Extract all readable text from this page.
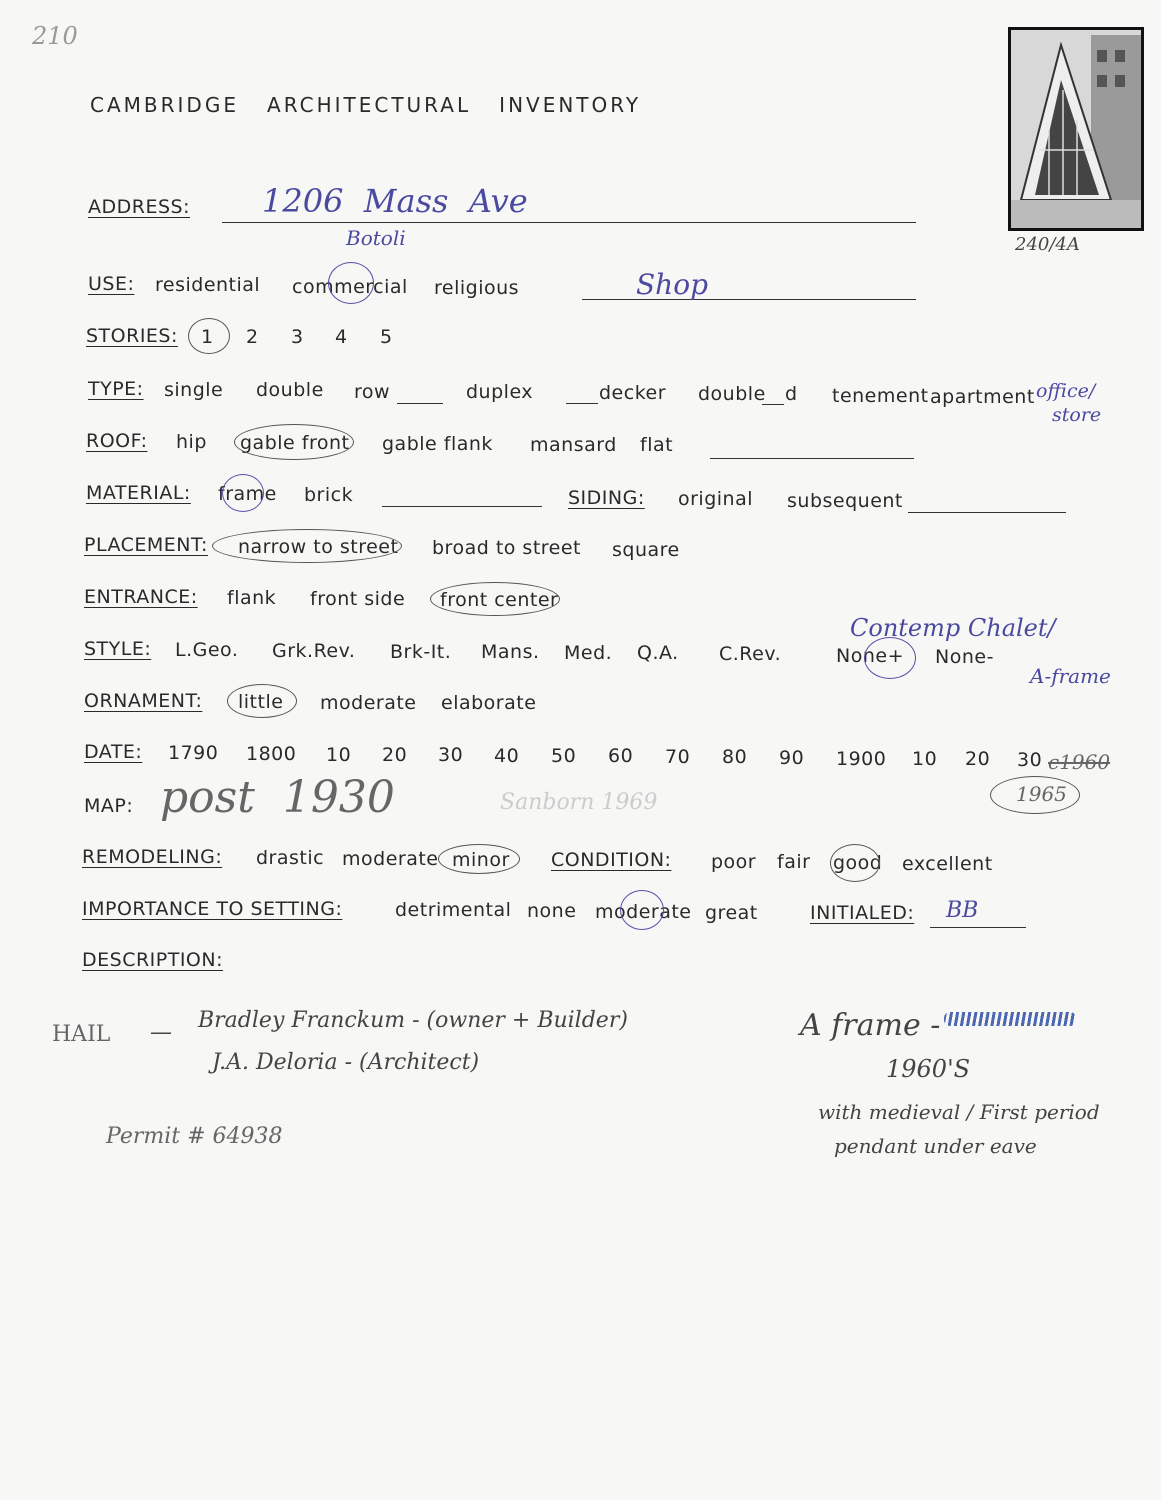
210
CAMBRIDGE   ARCHITECTURAL   INVENTORY
240/4A
ADDRESS: 1206  Mass  Ave
Botoli
USE: residential commercial religious	Shop
STORIES: 1 2 3 4 5
TYPE: single double row	duplex	decker double d tenement apartment office/
store
ROOF: hip gable front gable flank mansard flat
MATERIAL: frame brick	SIDING: original subsequent
PLACEMENT: narrow to street broad to street square
ENTRANCE: flank front side front center
STYLE: L.Geo. Grk.Rev. Brk-It. Mans. Med. Q.A. C.Rev.	None+ None-
Contemp Chalet/
A-frame
ORNAMENT: little moderate elaborate
DATE: 1790 1800 10 20 30 40 50 60 70 80 90 1900 10 20 30 c1960
1965
MAP: post  1930	Sanborn 1969
REMODELING: drastic moderate minor CONDITION: poor fair good excellent
IMPORTANCE TO SETTING:	detrimental none moderate great	INITIALED: BB
DESCRIPTION:
HAIL — Bradley Franckum - (owner + Builder)
J.A. Deloria - (Architect)
Permit # 64938
A frame -
1960'S
with medieval / First period
pendant under eave
